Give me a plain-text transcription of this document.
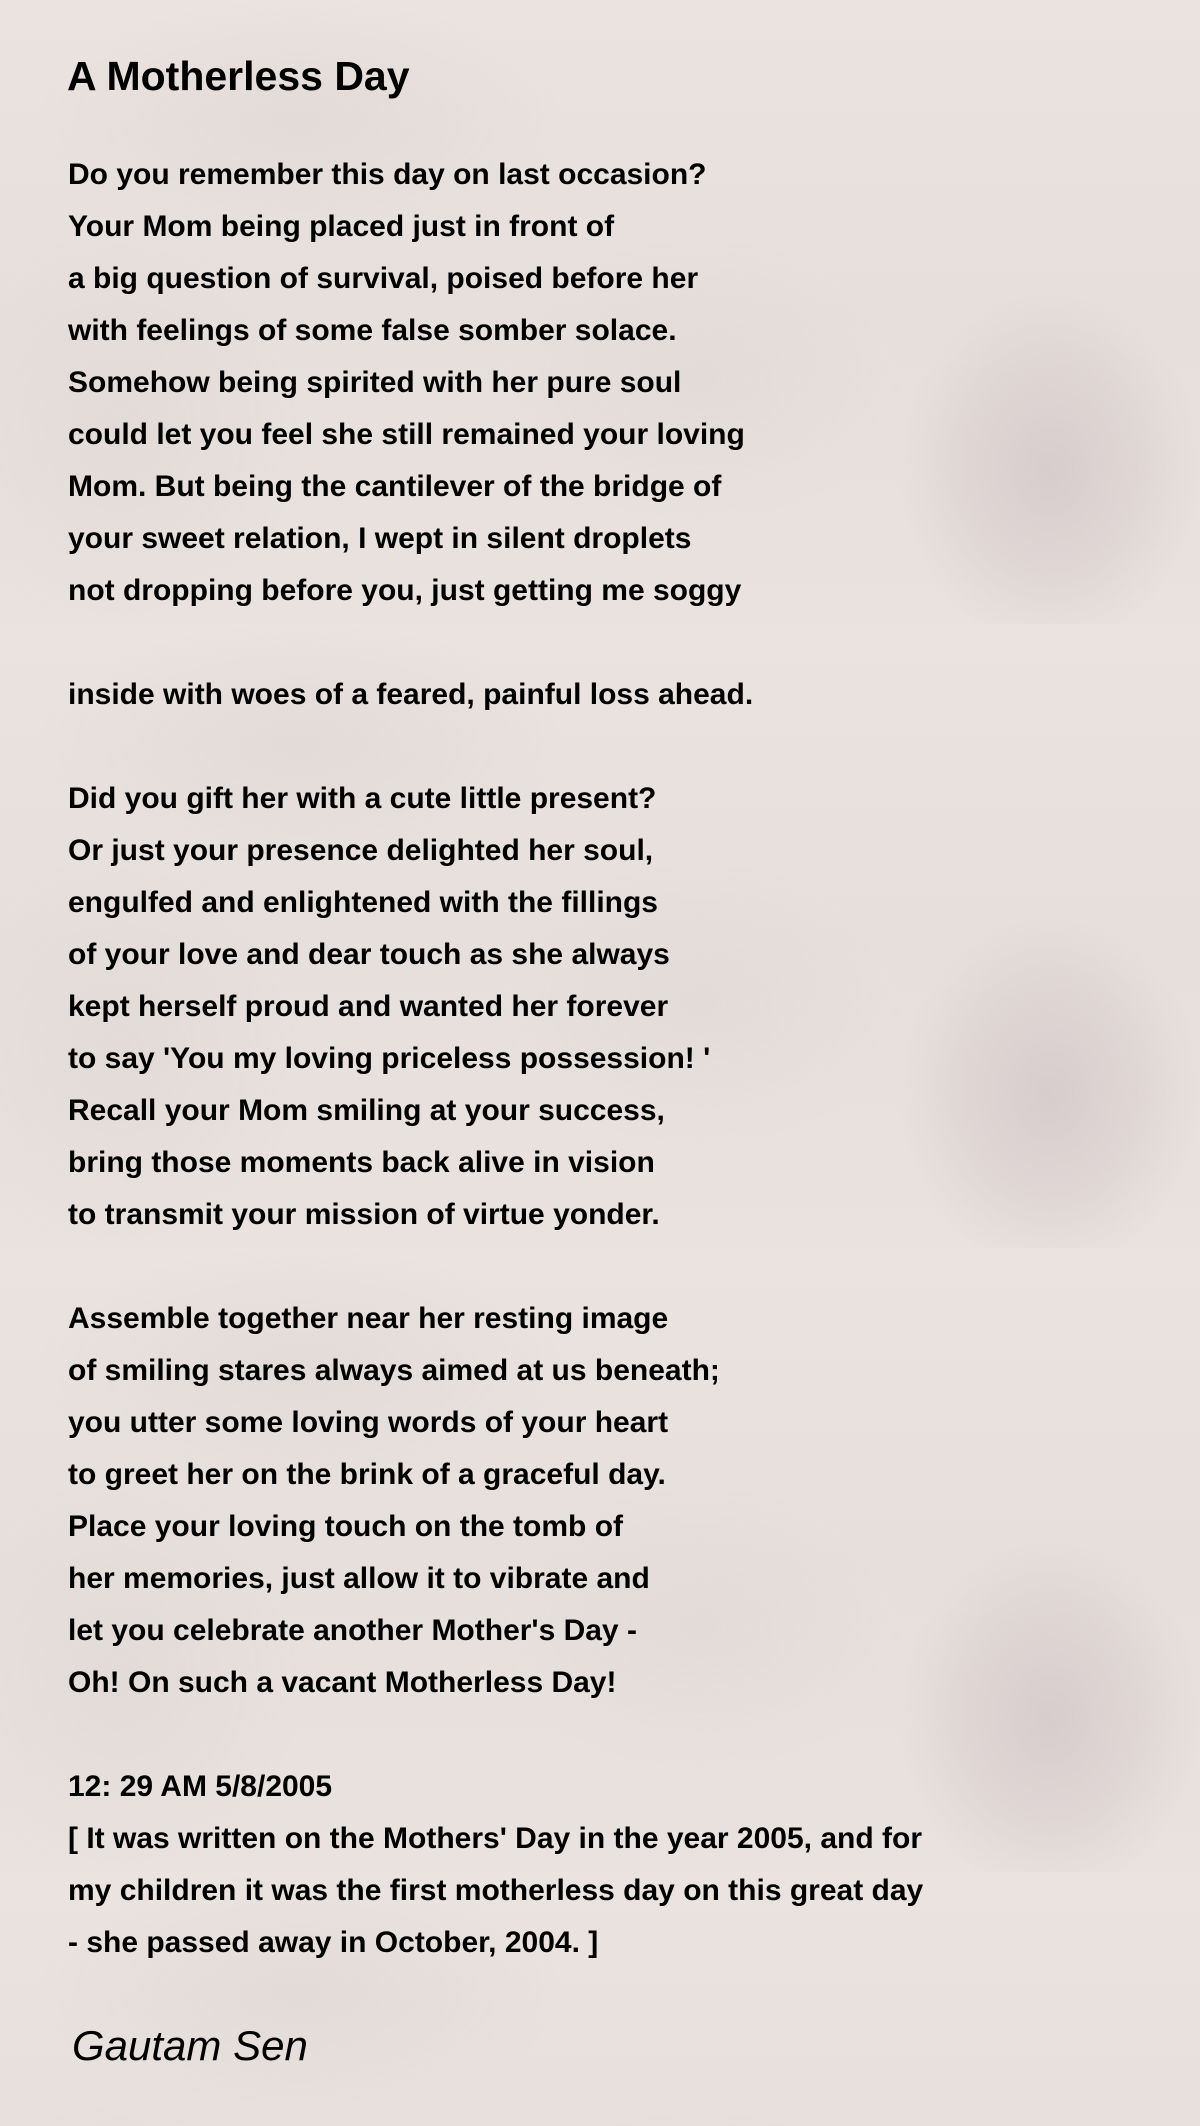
A Motherless Day
Do you remember this day on last occasion?
Your Mom being placed just in front of
a big question of survival, poised before her
with feelings of some false somber solace.
Somehow being spirited with her pure soul
could let you feel she still remained your loving
Mom. But being the cantilever of the bridge of
your sweet relation, I wept in silent droplets
not dropping before you, just getting me soggy
inside with woes of a feared, painful loss ahead.
Did you gift her with a cute little present?
Or just your presence delighted her soul,
engulfed and enlightened with the fillings
of your love and dear touch as she always
kept herself proud and wanted her forever
to say 'You my loving priceless possession! '
Recall your Mom smiling at your success,
bring those moments back alive in vision
to transmit your mission of virtue yonder.
Assemble together near her resting image
of smiling stares always aimed at us beneath;
you utter some loving words of your heart
to greet her on the brink of a graceful day.
Place your loving touch on the tomb of
her memories, just allow it to vibrate and
let you celebrate another Mother's Day -
Oh! On such a vacant Motherless Day!
12: 29 AM 5/8/2005
[ It was written on the Mothers' Day in the year 2005, and for
my children it was the first motherless day on this great day
- she passed away in October, 2004. ]

Gautam Sen
